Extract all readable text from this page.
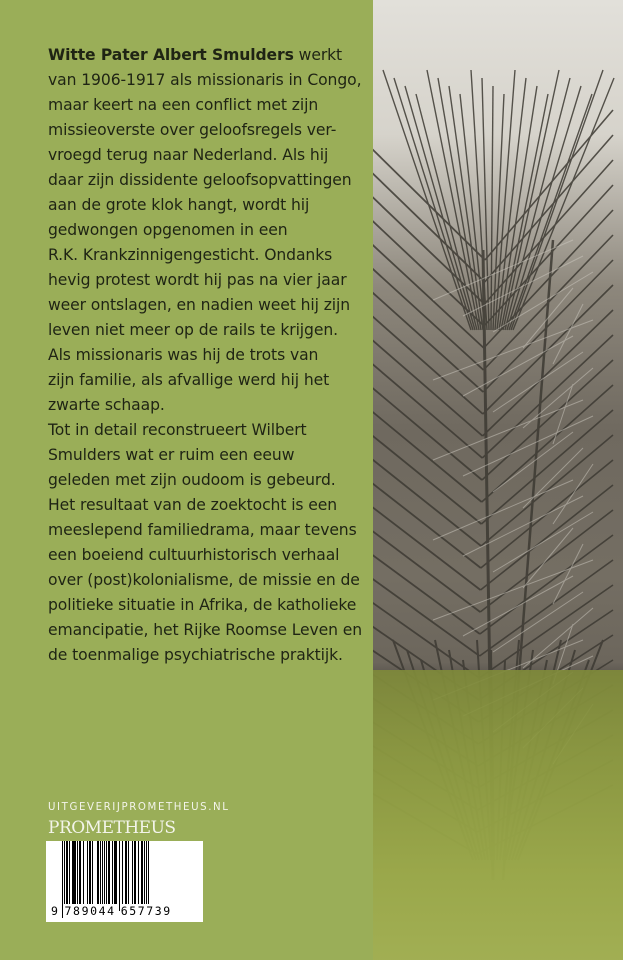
Witte Pater Albert Smulders werkt
van 1906-1917 als missionaris in Congo,
maar keert na een conflict met zijn
missieoverste over geloofsregels ver-
vroegd terug naar Nederland. Als hij
daar zijn dissidente geloofsopvattingen
aan de grote klok hangt, wordt hij
gedwongen opgenomen in een
R.K. Krankzinnigengesticht. Ondanks
hevig protest wordt hij pas na vier jaar
weer ontslagen, en nadien weet hij zijn
leven niet meer op de rails te krijgen.
Als missionaris was hij de trots van
zijn familie, als afvallige werd hij het
zwarte schaap.
Tot in detail reconstrueert Wilbert
Smulders wat er ruim een eeuw
geleden met zijn oudoom is gebeurd.
Het resultaat van de zoektocht is een
meeslepend familiedrama, maar tevens
een boeiend cultuurhistorisch verhaal
over (post)kolonialisme, de missie en de
politieke situatie in Afrika, de katholieke
emancipatie, het Rijke Roomse Leven en
de toenmalige psychiatrische praktijk.
UITGEVERIJPROMETHEUS.NL
PROMETHEUS
9 789044 657739
